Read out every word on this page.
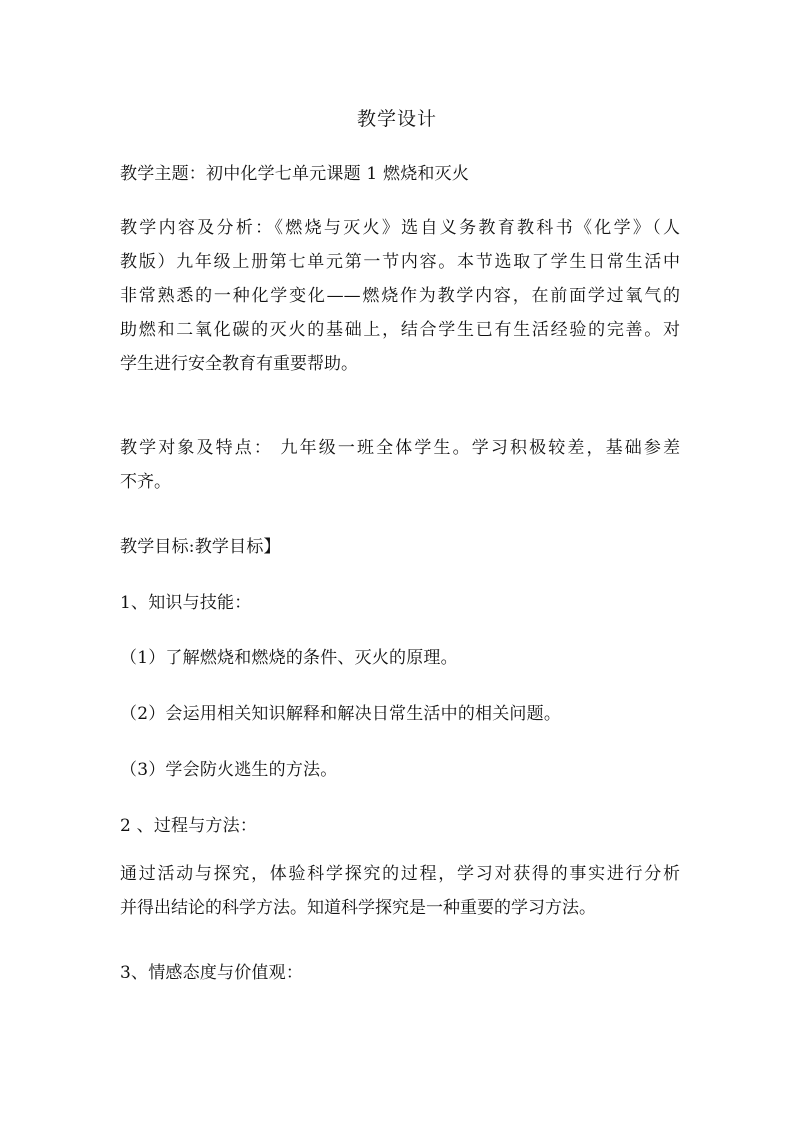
教学设计
教学主题：初中化学七单元课题 1 燃烧和灭火
教学内容及分析：《燃烧与灭火》选自义务教育教科书《化学》（人
教版）九年级上册第七单元第一节内容。本节选取了学生日常生活中
非常熟悉的一种化学变化——燃烧作为教学内容，在前面学过氧气的
助燃和二氧化碳的灭火的基础上，结合学生已有生活经验的完善。对
学生进行安全教育有重要帮助。
教学对象及特点： 九年级一班全体学生。学习积极较差，基础参差
不齐。
教学目标:教学目标】
1、知识与技能：
（1）了解燃烧和燃烧的条件、灭火的原理。
（2）会运用相关知识解释和解决日常生活中的相关问题。
（3）学会防火逃生的方法。
2 、过程与方法：
通过活动与探究，体验科学探究的过程，学习对获得的事实进行分析
并得出结论的科学方法。知道科学探究是一种重要的学习方法。
3、情感态度与价值观：
